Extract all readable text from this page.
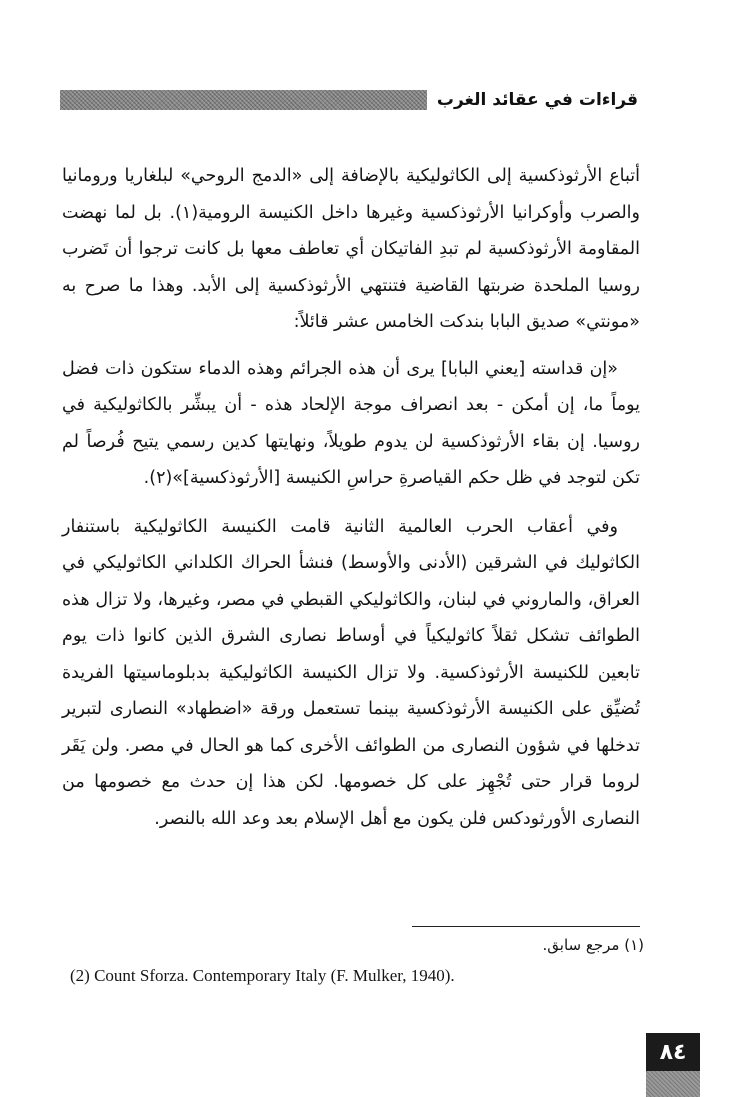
قراءات في عقائد الغرب

أتباع الأرثوذكسية إلى الكاثوليكية بالإضافة إلى «الدمج الروحي» لبلغاريا ورومانيا والصرب وأوكرانيا الأرثوذكسية وغيرها داخل الكنيسة الرومية(١). بل لما نهضت المقاومة الأرثوذكسية لم تبدِ الفاتيكان أي تعاطف معها بل كانت ترجوا أن تَضرب روسيا الملحدة ضربتها القاضية فتنتهي الأرثوذكسية إلى الأبد. وهذا ما صرح به «مونتي» صديق البابا بندكت الخامس عشر قائلاً:

«إن قداسته [يعني البابا] يرى أن هذه الجرائم وهذه الدماء ستكون ذات فضل يوماً ما، إن أمكن - بعد انصراف موجة الإلحاد هذه - أن يبشِّر بالكاثوليكية في روسيا. إن بقاء الأرثوذكسية لن يدوم طويلاً، ونهايتها كدين رسمي يتيح فُرصاً لم تكن لتوجد في ظل حكم القياصرةِ حراسِ الكنيسة [الأرثوذكسية]»(٢).

وفي أعقاب الحرب العالمية الثانية قامت الكنيسة الكاثوليكية باستنفار الكاثوليك في الشرقين (الأدنى والأوسط) فنشأ الحراك الكلداني الكاثوليكي في العراق، والماروني في لبنان، والكاثوليكي القبطي في مصر، وغيرها، ولا تزال هذه الطوائف تشكل ثقلاً كاثوليكياً في أوساط نصارى الشرق الذين كانوا ذات يوم تابعين للكنيسة الأرثوذكسية. ولا تزال الكنيسة الكاثوليكية بدبلوماسيتها الفريدة تُضيِّق على الكنيسة الأرثوذكسية بينما تستعمل ورقة «اضطهاد» النصارى لتبرير تدخلها في شؤون النصارى من الطوائف الأخرى كما هو الحال في مصر. ولن يَقَر لروما قرار حتى تُجْهِز على كل خصومها. لكن هذا إن حدث مع خصومها من النصارى الأورثودكس فلن يكون مع أهل الإسلام بعد وعد الله بالنصر.

(١) مرجع سابق.
(2) Count Sforza. Contemporary Italy (F. Mulker, 1940).
٨٤
